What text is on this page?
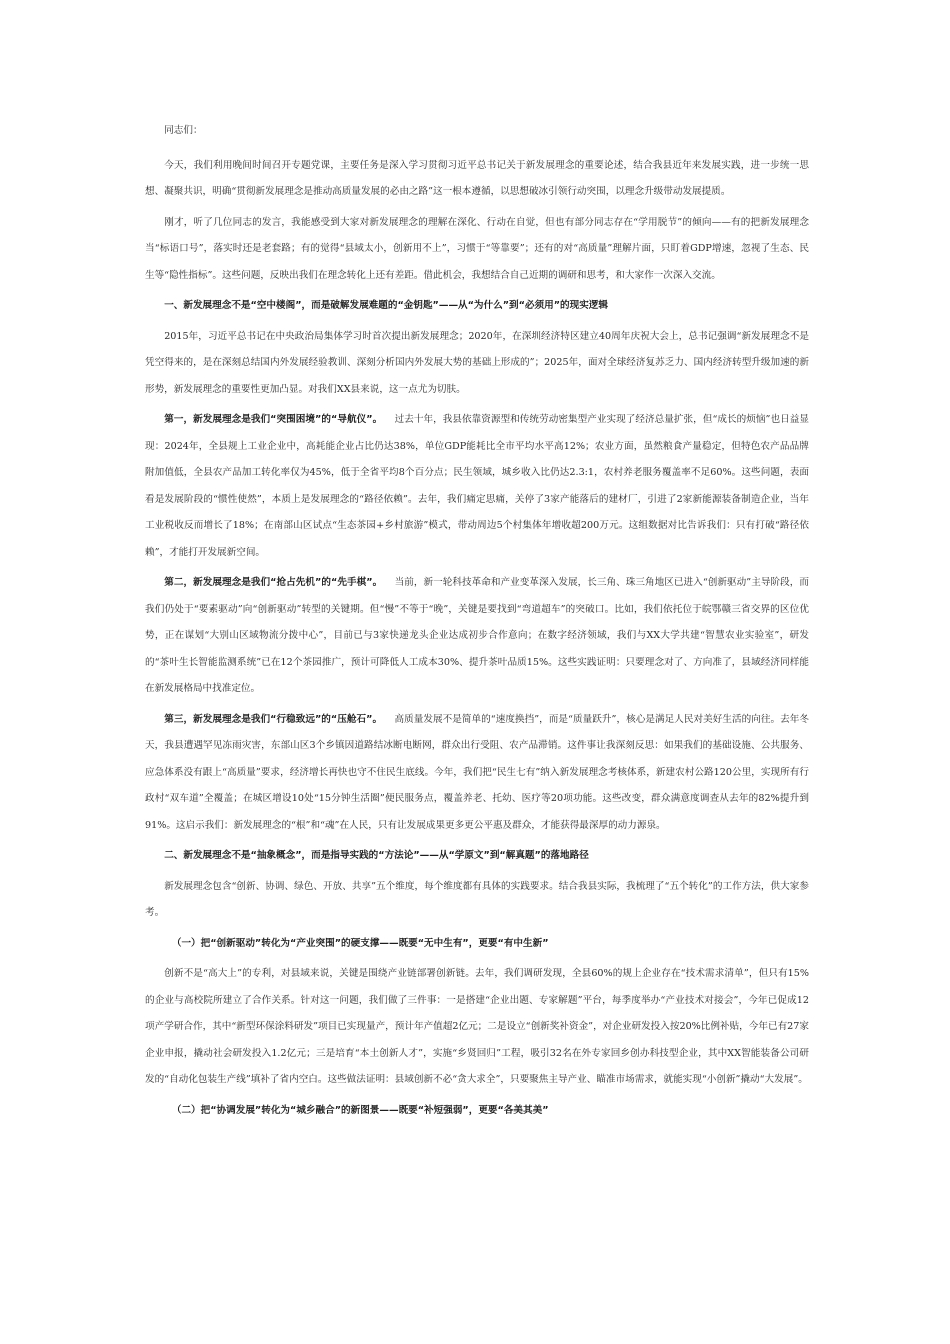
同志们：

今天，我们利用晚间时间召开专题党课，主要任务是深入学习贯彻习近平总书记关于新发展理念的重要论述，结合我县近年来发展实践，进一步统一思想、凝聚共识，明确“贯彻新发展理念是推动高质量发展的必由之路”这一根本遵循，以思想破冰引领行动突围，以理念升级带动发展提质。

刚才，听了几位同志的发言，我能感受到大家对新发展理念的理解在深化、行动在自觉，但也有部分同志存在“学用脱节”的倾向——有的把新发展理念当“标语口号”，落实时还是老套路；有的觉得“县域太小，创新用不上”，习惯于“等靠要”；还有的对“高质量”理解片面，只盯着GDP增速，忽视了生态、民生等“隐性指标”。这些问题，反映出我们在理念转化上还有差距。借此机会，我想结合自己近期的调研和思考，和大家作一次深入交流。

一、新发展理念不是“空中楼阁”，而是破解发展难题的“金钥匙”——从“为什么”到“必须用”的现实逻辑

2015年，习近平总书记在中央政治局集体学习时首次提出新发展理念；2020年，在深圳经济特区建立40周年庆祝大会上，总书记强调“新发展理念不是凭空得来的，是在深刻总结国内外发展经验教训、深刻分析国内外发展大势的基础上形成的”；2025年，面对全球经济复苏乏力、国内经济转型升级加速的新形势，新发展理念的重要性更加凸显。对我们XX县来说，这一点尤为切肤。

第一，新发展理念是我们“突围困境”的“导航仪”。 过去十年，我县依靠资源型和传统劳动密集型产业实现了经济总量扩张，但“成长的烦恼”也日益显现：2024年，全县规上工业企业中，高耗能企业占比仍达38%，单位GDP能耗比全市平均水平高12%；农业方面，虽然粮食产量稳定，但特色农产品品牌附加值低，全县农产品加工转化率仅为45%，低于全省平均8个百分点；民生领域，城乡收入比仍达2.3:1，农村养老服务覆盖率不足60%。这些问题，表面看是发展阶段的“惯性使然”，本质上是发展理念的“路径依赖”。去年，我们痛定思痛，关停了3家产能落后的建材厂，引进了2家新能源装备制造企业，当年工业税收反而增长了18%；在南部山区试点“生态茶园+乡村旅游”模式，带动周边5个村集体年增收超200万元。这组数据对比告诉我们：只有打破“路径依赖”，才能打开发展新空间。

第二，新发展理念是我们“抢占先机”的“先手棋”。 当前，新一轮科技革命和产业变革深入发展，长三角、珠三角地区已进入“创新驱动”主导阶段，而我们仍处于“要素驱动”向“创新驱动”转型的关键期。但“慢”不等于“晚”，关键是要找到“弯道超车”的突破口。比如，我们依托位于皖鄂赣三省交界的区位优势，正在谋划“大别山区域物流分拨中心”，目前已与3家快递龙头企业达成初步合作意向；在数字经济领域，我们与XX大学共建“智慧农业实验室”，研发的“茶叶生长智能监测系统”已在12个茶园推广，预计可降低人工成本30%、提升茶叶品质15%。这些实践证明：只要理念对了、方向准了，县域经济同样能在新发展格局中找准定位。

第三，新发展理念是我们“行稳致远”的“压舱石”。 高质量发展不是简单的“速度换挡”，而是“质量跃升”，核心是满足人民对美好生活的向往。去年冬天，我县遭遇罕见冻雨灾害，东部山区3个乡镇因道路结冰断电断网，群众出行受阻、农产品滞销。这件事让我深刻反思：如果我们的基础设施、公共服务、应急体系没有跟上“高质量”要求，经济增长再快也守不住民生底线。今年，我们把“民生七有”纳入新发展理念考核体系，新建农村公路120公里，实现所有行政村“双车道”全覆盖；在城区增设10处“15分钟生活圈”便民服务点，覆盖养老、托幼、医疗等20项功能。这些改变，群众满意度调查从去年的82%提升到91%。这启示我们：新发展理念的“根”和“魂”在人民，只有让发展成果更多更公平惠及群众，才能获得最深厚的动力源泉。

二、新发展理念不是“抽象概念”，而是指导实践的“方法论”——从“学原文”到“解真题”的落地路径

新发展理念包含“创新、协调、绿色、开放、共享”五个维度，每个维度都有具体的实践要求。结合我县实际，我梳理了“五个转化”的工作方法，供大家参考。

（一）把“创新驱动”转化为“产业突围”的硬支撑——既要“无中生有”，更要“有中生新”

创新不是“高大上”的专利，对县域来说，关键是围绕产业链部署创新链。去年，我们调研发现，全县60%的规上企业存在“技术需求清单”，但只有15%的企业与高校院所建立了合作关系。针对这一问题，我们做了三件事：一是搭建“企业出题、专家解题”平台，每季度举办“产业技术对接会”，今年已促成12项产学研合作，其中“新型环保涂料研发”项目已实现量产，预计年产值超2亿元；二是设立“创新奖补资金”，对企业研发投入按20%比例补贴，今年已有27家企业申报，撬动社会研发投入1.2亿元；三是培育“本土创新人才”，实施“乡贤回归”工程，吸引32名在外专家回乡创办科技型企业，其中XX智能装备公司研发的“自动化包装生产线”填补了省内空白。这些做法证明：县域创新不必“贪大求全”，只要聚焦主导产业、瞄准市场需求，就能实现“小创新”撬动“大发展”。

（二）把“协调发展”转化为“城乡融合”的新图景——既要“补短强弱”，更要“各美其美”
